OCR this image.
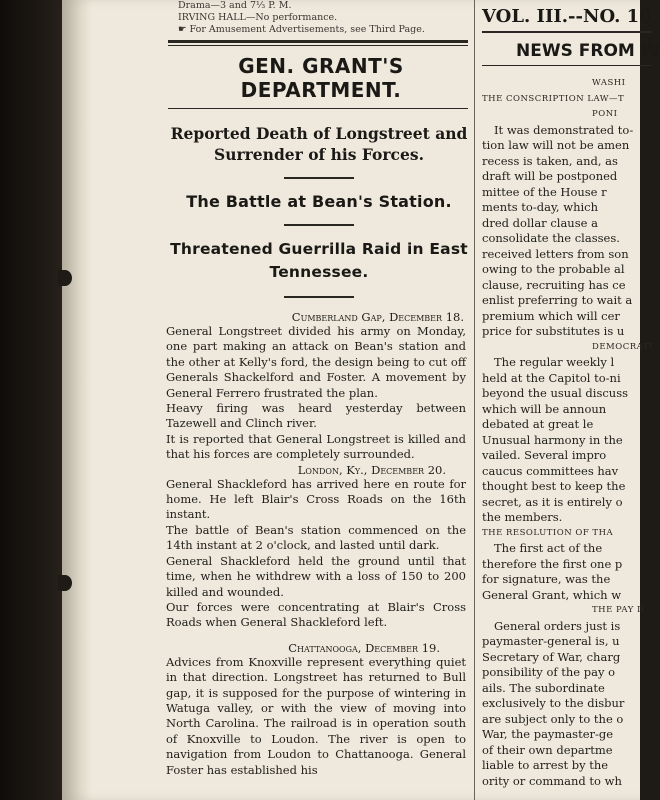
Drama—3 and 7⅓ P. M.
IRVING HALL—No performance.
☛ For Amusement Advertisements, see Third Page.
GEN. GRANT'S DEPARTMENT.
Reported Death of Longstreet and Surrender of his Forces.
The Battle at Bean's Station.
Threatened Guerrilla Raid in East Tennessee.
Cumberland Gap, December 18.

General Longstreet divided his army on Monday, one part making an attack on Bean's station and the other at Kelly's ford, the design being to cut off Generals Shackelford and Foster. A movement by General Ferrero frustrated the plan.

Heavy firing was heard yesterday between Tazewell and Clinch river.

It is reported that General Longstreet is killed and that his forces are completely surrounded.

London, Ky., December 20.

General Shackleford has arrived here en route for home. He left Blair's Cross Roads on the 16th instant.

The battle of Bean's station commenced on the 14th instant at 2 o'clock, and lasted until dark.

General Shackleford held the ground until that time, when he withdrew with a loss of 150 to 200 killed and wounded.

Our forces were concentrating at Blair's Cross Roads when General Shackleford left.

Chattanooga, December 19.

Advices from Knoxville represent everything quiet in that direction. Longstreet has returned to Bull gap, it is supposed for the purpose of wintering in Watuga valley, or with the view of moving into North Carolina. The railroad is in operation south of Knoxville to Loudon. The river is open to navigation from Loudon to Chattanooga. General Foster has established his

VOL. III.--NO. 10
NEWS FROM W
WASHI
THE CONSCRIPTION LAW—T
PONI
It was demonstrated to-
tion law will not be amen
recess is taken, and, as
draft will be postponed
mittee of the House r
ments to-day, which
dred dollar clause a
consolidate the classes.
received letters from son
owing to the probable al
clause, recruiting has ce
enlist preferring to wait a
premium which will cer
price for substitutes is u
DEMOCRATI
The regular weekly l
held at the Capitol to-ni
beyond the usual discuss
which will be announ
debated at great le
Unusual harmony in the
vailed. Several impro
caucus committees hav
thought best to keep the
secret, as it is entirely o
the members.
THE RESOLUTION OF THA
The first act of the
therefore the first one p
for signature, was the
General Grant, which w
THE PAY D
General orders just is
paymaster-general is, u
Secretary of War, charg
ponsibility of the pay o
ails. The subordinate
exclusively to the disbur
are subject only to the o
War, the paymaster-ge
of their own departme
liable to arrest by the
ority or command to wh
